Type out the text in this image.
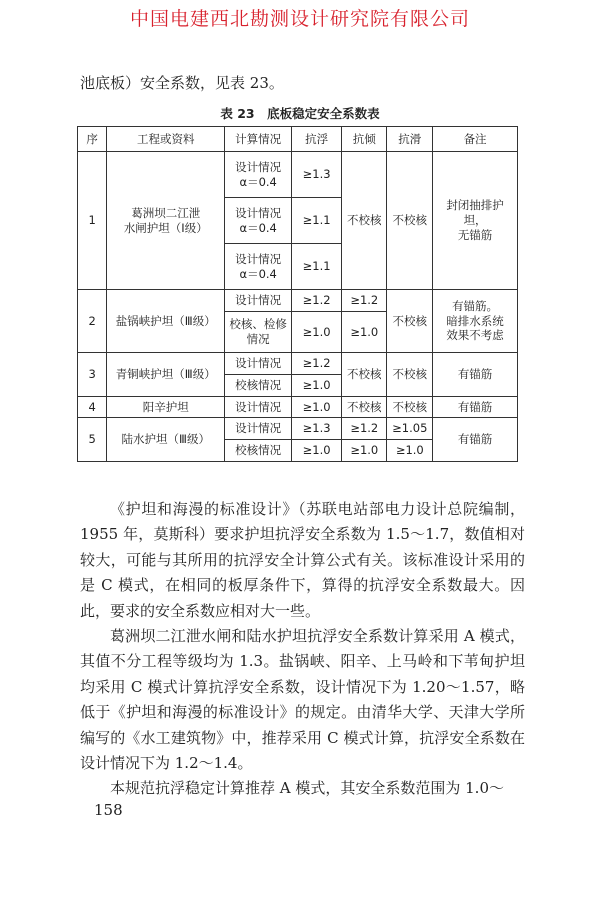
中国电建西北勘测设计研究院有限公司
池底板）安全系数，见表 23。
表 23　底板稳定安全系数表
序	工程或资料	计算情况	抗浮	抗倾	抗滑	备注
1	葛洲坝二江泄
水闸护坦（Ⅰ级）	设计情况
α＝0.4	≥1.3	不校核	不校核	封闭抽排护坦，
无锚筋
		设计情况
α＝0.4	≥1.1			
		设计情况
α＝0.4	≥1.1			
2	盐锅峡护坦（Ⅲ级）	设计情况	≥1.2	≥1.2	不校核	有锚筋。
暗排水系统
效果不考虑
		校核、检修
情况	≥1.0	≥1.0		
3	青铜峡护坦（Ⅲ级）	设计情况	≥1.2	不校核	不校核	有锚筋
		校核情况	≥1.0			
4	阳辛护坦	设计情况	≥1.0	不校核	不校核	有锚筋
5	陆水护坦（Ⅲ级）	设计情况	≥1.3	≥1.2	≥1.05	有锚筋
		校核情况	≥1.0	≥1.0	≥1.0	

《护坦和海漫的标准设计》（苏联电站部电力设计总院编制，1955 年，莫斯科）要求护坦抗浮安全系数为 1.5～1.7，数值相对较大，可能与其所用的抗浮安全计算公式有关。该标准设计采用的是 C 模式，在相同的板厚条件下，算得的抗浮安全系数最大。因此，要求的安全系数应相对大一些。

葛洲坝二江泄水闸和陆水护坦抗浮安全系数计算采用 A 模式，其值不分工程等级均为 1.3。盐锅峡、阳辛、上马岭和下苇甸护坦均采用 C 模式计算抗浮安全系数，设计情况下为 1.20～1.57，略低于《护坦和海漫的标准设计》的规定。由清华大学、天津大学所编写的《水工建筑物》中，推荐采用 C 模式计算，抗浮安全系数在设计情况下为 1.2～1.4。

本规范抗浮稳定计算推荐 A 模式，其安全系数范围为 1.0～

158
